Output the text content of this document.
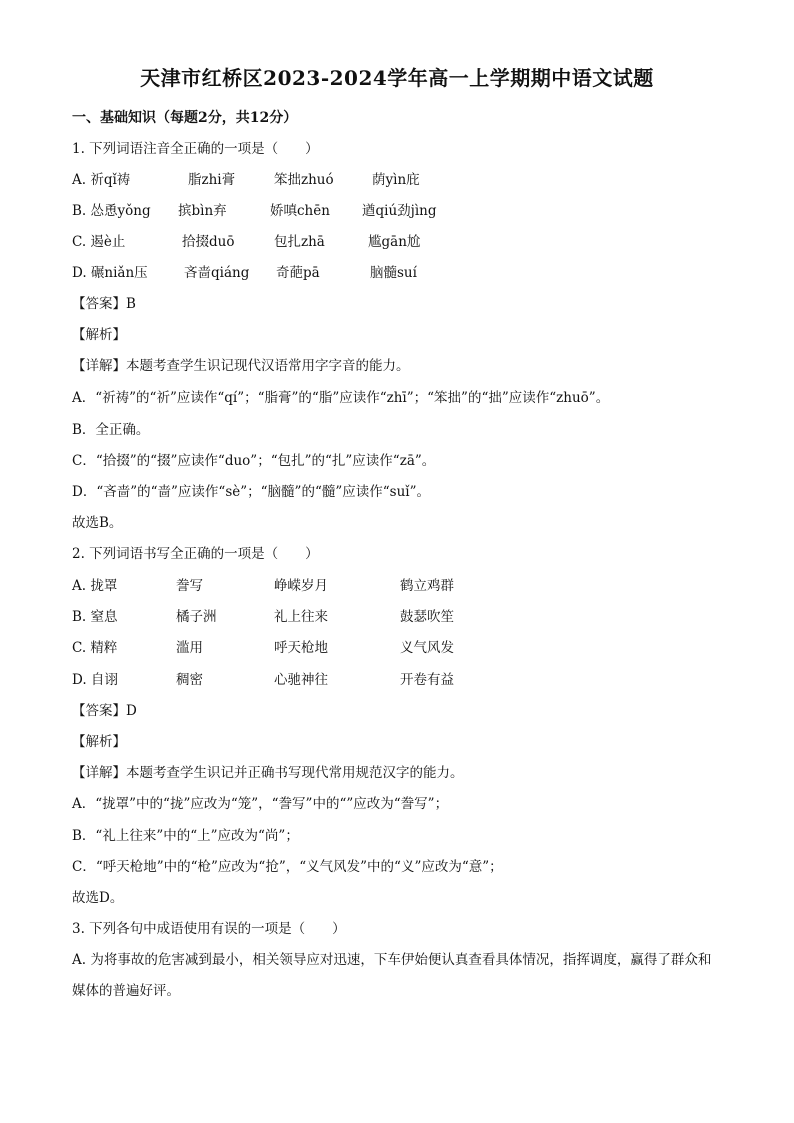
天津市红桥区2023-2024学年高一上学期期中语文试题
一、基础知识（每题2分，共12分）
1. 下列词语注音全正确的一项是（　　）
A. 祈qǐ祷	脂zhi膏	笨拙zhuó	荫yìn庇
B. 怂恿yǒng 摈bìn弃	娇嗔chēn 遒qiú劲jìng
C. 遏è止	拾掇duō	包扎zhā	尴gān尬
D. 碾niǎn压	吝啬qiáng 奇葩pā	脑髓suí
【答案】B
【解析】
【详解】本题考查学生识记现代汉语常用字字音的能力。
A．“祈祷”的“祈”应读作“qí”；“脂膏”的“脂”应读作“zhī”；“笨拙”的“拙”应读作“zhuō”。
B．全正确。
C．“拾掇”的“掇”应读作“duo”；“包扎”的“扎”应读作“zā”。
D．“吝啬”的“啬”应读作“sè”；“脑髓”的“髓”应读作“suǐ”。
故选B。
2. 下列词语书写全正确的一项是（　　）
A. 拢罩	誊写	峥嵘岁月	鹤立鸡群
B. 窒息	橘子洲	礼上往来	鼓瑟吹笙
C. 精粹	滥用	呼天枪地	义气风发
D. 自诩	稠密	心驰神往	开卷有益
【答案】D
【解析】
【详解】本题考查学生识记并正确书写现代常用规范汉字的能力。
A．“拢罩”中的“拢”应改为“笼”，“誊写”中的“”应改为“誊写”；
B．“礼上往来”中的“上”应改为“尚”；
C．“呼天枪地”中的“枪”应改为“抢”，“义气风发”中的“义”应改为“意”；
故选D。
3. 下列各句中成语使用有误的一项是（　　）
A. 为将事故的危害减到最小，相关领导应对迅速，下车伊始便认真查看具体情况，指挥调度，赢得了群众和媒体的普遍好评。
